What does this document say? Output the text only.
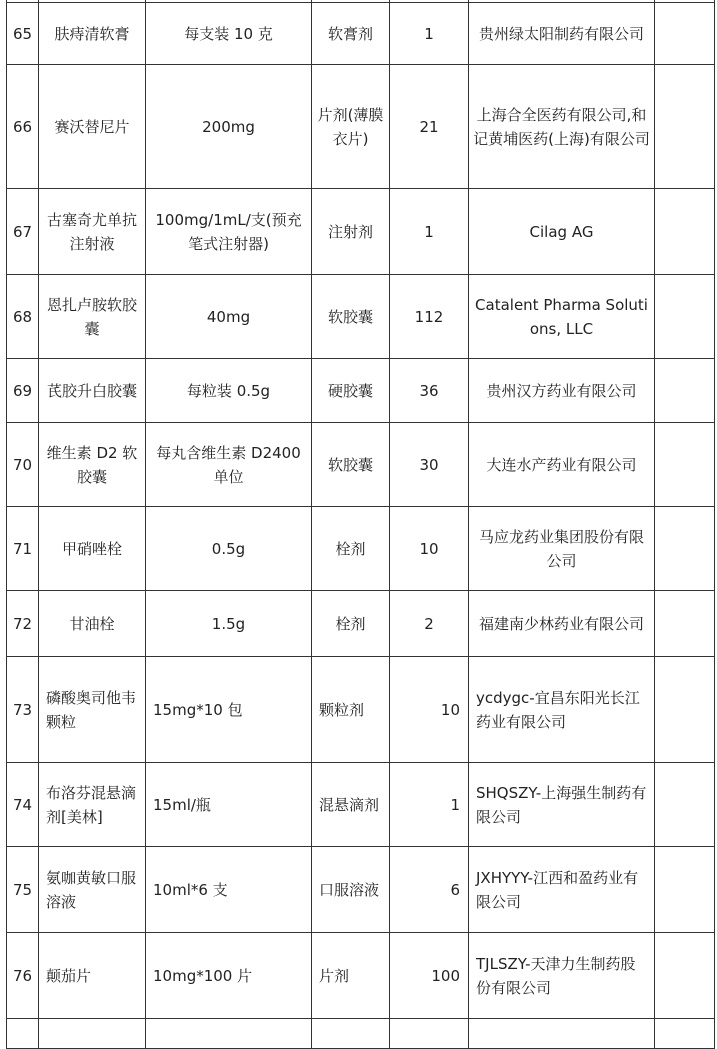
65	肤痔清软膏	每支装 10 克	软膏剂	1	贵州绿太阳制药有限公司	
66	赛沃替尼片	200mg	片剂(薄膜衣片)	21	上海合全医药有限公司,和记黄埔医药(上海)有限公司	
67	古塞奇尤单抗注射液	100mg/1mL/支(预充笔式注射器)	注射剂	1	Cilag AG	
68	恩扎卢胺软胶囊	40mg	软胶囊	112	Catalent Pharma Solutions, LLC	
69	芪胶升白胶囊	每粒装 0.5g	硬胶囊	36	贵州汉方药业有限公司	
70	维生素 D2 软胶囊	每丸含维生素 D2400 单位	软胶囊	30	大连水产药业有限公司	
71	甲硝唑栓	0.5g	栓剂	10	马应龙药业集团股份有限公司	
72	甘油栓	1.5g	栓剂	2	福建南少林药业有限公司	
73	磷酸奥司他韦颗粒	15mg*10 包	颗粒剂	10	ycdygc-宜昌东阳光长江药业有限公司	
74	布洛芬混悬滴剂[美林]	15ml/瓶	混悬滴剂	1	SHQSZY-上海强生制药有限公司	
75	氨咖黄敏口服溶液	10ml*6 支	口服溶液	6	JXHYYY-江西和盈药业有限公司	
76	颠茄片	10mg*100 片	片剂	100	TJLSZY-天津力生制药股份有限公司	
